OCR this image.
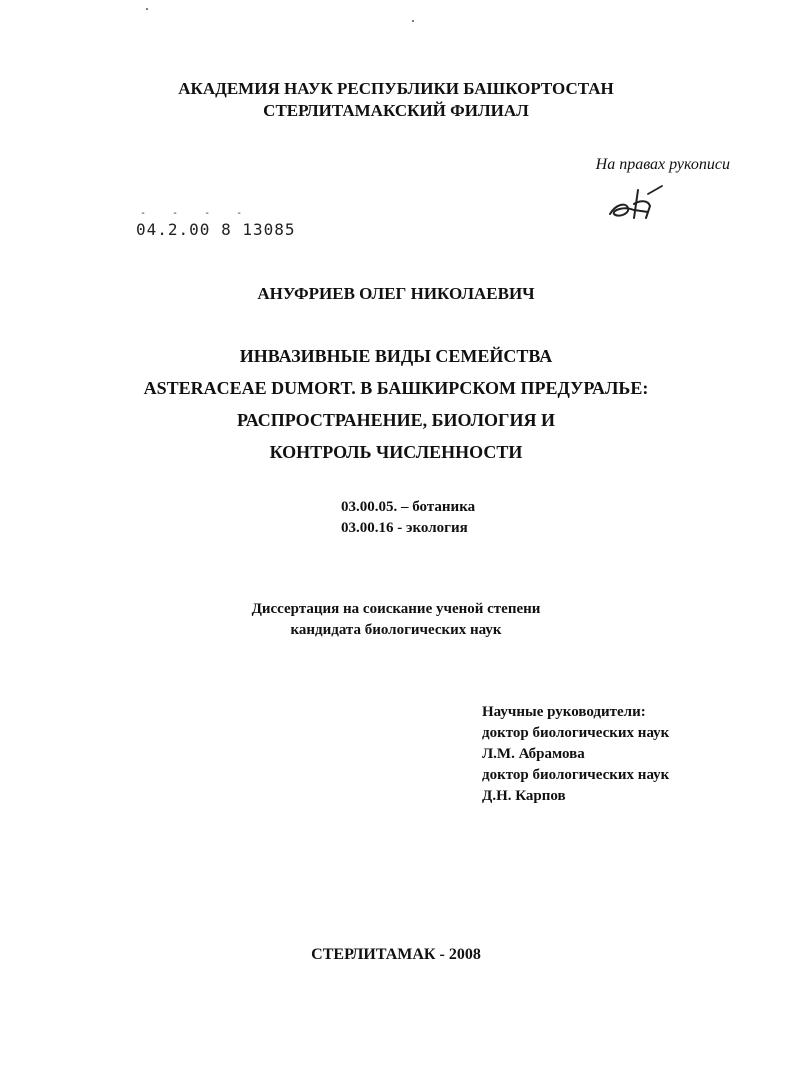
АКАДЕМИЯ НАУК РЕСПУБЛИКИ БАШКОРТОСТАН
СТЕРЛИТАМАКСКИЙ ФИЛИАЛ
На правах рукописи
- - - -
04.2.00 8 13085
АНУФРИЕВ ОЛЕГ НИКОЛАЕВИЧ
ИНВАЗИВНЫЕ ВИДЫ СЕМЕЙСТВА
ASTERACEAE DUMORT. В БАШКИРСКОМ ПРЕДУРАЛЬЕ:
РАСПРОСТРАНЕНИЕ, БИОЛОГИЯ И
КОНТРОЛЬ ЧИСЛЕННОСТИ
03.00.05. – ботаника
03.00.16 - экология
Диссертация на соискание ученой степени
кандидата биологических наук
Научные руководители:
доктор биологических наук
Л.М. Абрамова
доктор биологических наук
Д.Н. Карпов
СТЕРЛИТАМАК - 2008
